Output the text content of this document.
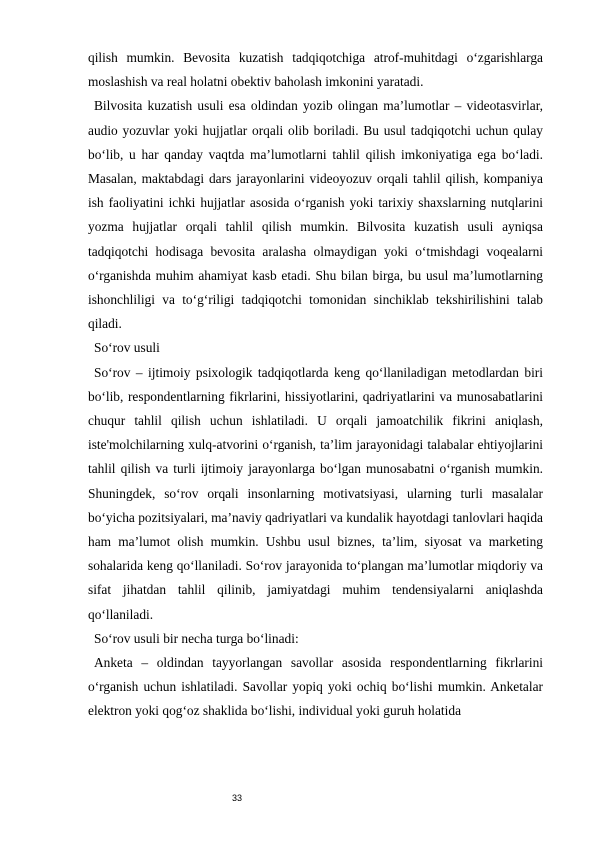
qilish mumkin. Bevosita kuzatish tadqiqotchiga atrof-muhitdagi o‘zgarishlarga moslashish va real holatni obektiv baholash imkonini yaratadi.

Bilvosita kuzatish usuli esa oldindan yozib olingan ma’lumotlar – videotasvirlar, audio yozuvlar yoki hujjatlar orqali olib boriladi. Bu usul tadqiqotchi uchun qulay bo‘lib, u har qanday vaqtda ma’lumotlarni tahlil qilish imkoniyatiga ega bo‘ladi. Masalan, maktabdagi dars jarayonlarini videoyozuv orqali tahlil qilish, kompaniya ish faoliyatini ichki hujjatlar asosida o‘rganish yoki tarixiy shaxslarning nutqlarini yozma hujjatlar orqali tahlil qilish mumkin. Bilvosita kuzatish usuli ayniqsa tadqiqotchi hodisaga bevosita aralasha olmaydigan yoki o‘tmishdagi voqealarni o‘rganishda muhim ahamiyat kasb etadi. Shu bilan birga, bu usul ma’lumotlarning ishonchliligi va to‘g‘riligi tadqiqotchi tomonidan sinchiklab tekshirilishini talab qiladi.

So‘rov usuli

So‘rov – ijtimoiy psixologik tadqiqotlarda keng qo‘llaniladigan metodlardan biri bo‘lib, respondentlarning fikrlarini, hissiyotlarini, qadriyatlarini va munosabatlarini chuqur tahlil qilish uchun ishlatiladi. U orqali jamoatchilik fikrini aniqlash, iste'molchilarning xulq-atvorini o‘rganish, ta’lim jarayonidagi talabalar ehtiyojlarini tahlil qilish va turli ijtimoiy jarayonlarga bo‘lgan munosabatni o‘rganish mumkin. Shuningdek, so‘rov orqali insonlarning motivatsiyasi, ularning turli masalalar bo‘yicha pozitsiyalari, ma’naviy qadriyatlari va kundalik hayotdagi tanlovlari haqida ham ma’lumot olish mumkin. Ushbu usul biznes, ta’lim, siyosat va marketing sohalarida keng qo‘llaniladi. So‘rov jarayonida to‘plangan ma’lumotlar miqdoriy va sifat jihatdan tahlil qilinib, jamiyatdagi muhim tendensiyalarni aniqlashda qo‘llaniladi.

So‘rov usuli bir necha turga bo‘linadi:

Anketa – oldindan tayyorlangan savollar asosida respondentlarning fikrlarini o‘rganish uchun ishlatiladi. Savollar yopiq yoki ochiq bo‘lishi mumkin. Anketalar elektron yoki qog‘oz shaklida bo‘lishi, individual yoki guruh holatida

33
